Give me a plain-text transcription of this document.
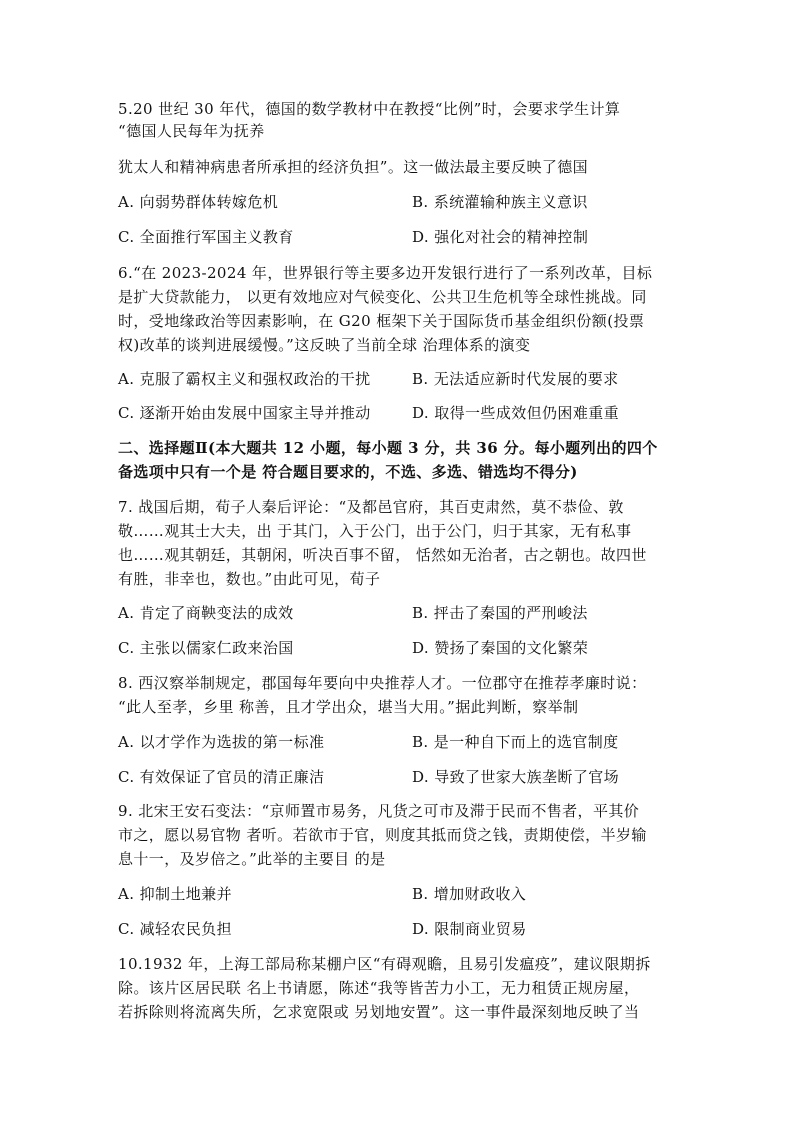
5.20 世纪 30 年代，德国的数学教材中在教授“比例”时，会要求学生计算
“德国人民每年为抚养
犹太人和精神病患者所承担的经济负担”。这一做法最主要反映了德国
A. 向弱势群体转嫁危机	B. 系统灌输种族主义意识
C. 全面推行军国主义教育	D. 强化对社会的精神控制
6.“在 2023-2024 年，世界银行等主要多边开发银行进行了一系列改革，目标
是扩大贷款能力， 以更有效地应对气候变化、公共卫生危机等全球性挑战。同
时，受地缘政治等因素影响，在 G20 框架下关于国际货币基金组织份额(投票
权)改革的谈判进展缓慢。”这反映了当前全球 治理体系的演变
A. 克服了霸权主义和强权政治的干扰	B. 无法适应新时代发展的要求
C. 逐渐开始由发展中国家主导并推动	D. 取得一些成效但仍困难重重
二、选择题Ⅱ(本大题共 12 小题，每小题 3 分，共 36 分。每小题列出的四个
备选项中只有一个是 符合题目要求的，不选、多选、错选均不得分)
7. 战国后期，荀子人秦后评论：“及都邑官府，其百吏肃然，莫不恭俭、敦
敬……观其士大夫，出 于其门，入于公门，出于公门，归于其家，无有私事
也……观其朝廷，其朝闲，听决百事不留， 恬然如无治者，古之朝也。故四世
有胜，非幸也，数也。”由此可见，荀子
A. 肯定了商鞅变法的成效	B. 抨击了秦国的严刑峻法
C. 主张以儒家仁政来治国	D. 赞扬了秦国的文化繁荣
8. 西汉察举制规定，郡国每年要向中央推荐人才。一位郡守在推荐孝廉时说：
“此人至孝，乡里 称善，且才学出众，堪当大用。”据此判断，察举制
A. 以才学作为选拔的第一标准	B. 是一种自下而上的选官制度
C. 有效保证了官员的清正廉洁	D. 导致了世家大族垄断了官场
9. 北宋王安石变法：“京师置市易务，凡货之可市及滞于民而不售者，平其价
市之，愿以易官物 者听。若欲市于官，则度其抵而贷之钱，责期使偿，半岁输
息十一，及岁倍之。”此举的主要目 的是
A. 抑制土地兼并	B. 增加财政收入
C. 减轻农民负担	D. 限制商业贸易
10.1932 年，上海工部局称某棚户区“有碍观瞻，且易引发瘟疫”，建议限期拆
除。该片区居民联 名上书请愿，陈述“我等皆苦力小工，无力租赁正规房屋，
若拆除则将流离失所，乞求宽限或 另划地安置”。这一事件最深刻地反映了当
